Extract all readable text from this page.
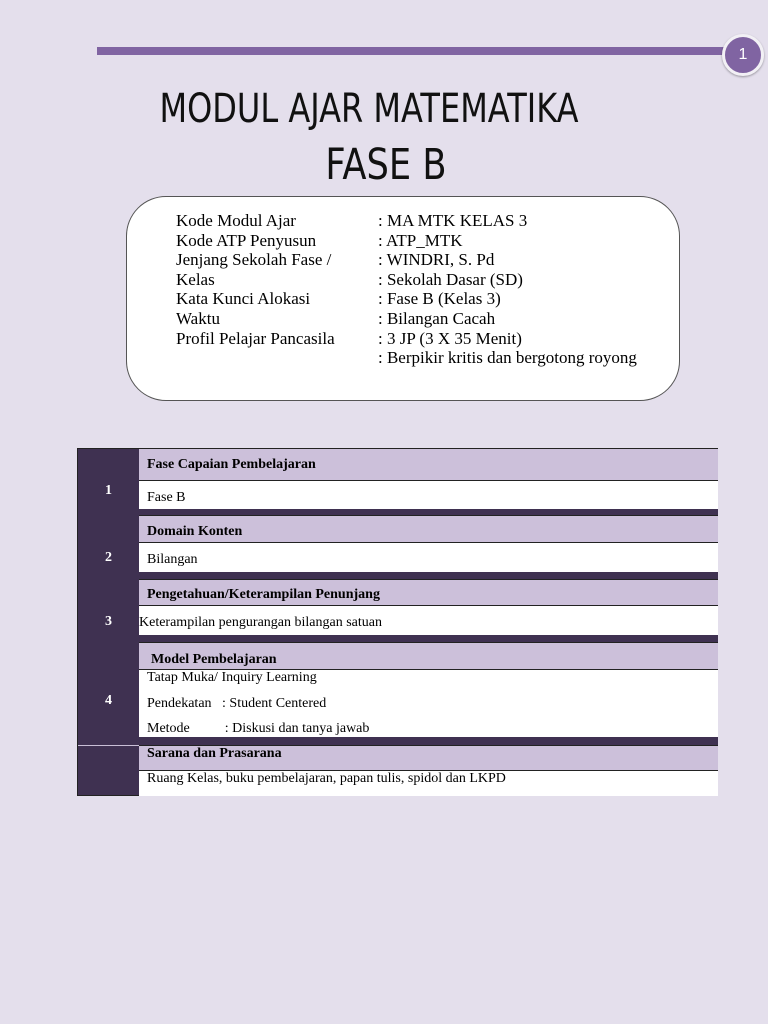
1
MODUL AJAR MATEMATIKA
FASE B
Kode Modul Ajar
Kode ATP Penyusun
Jenjang Sekolah Fase /
Kelas
Kata Kunci Alokasi
Waktu
Profil Pelajar Pancasila
: MA MTK KELAS 3
: ATP_MTK
: WINDRI, S. Pd
: Sekolah Dasar (SD)
: Fase B (Kelas 3)
: Bilangan Cacah
: 3 JP (3 X 35 Menit)
: Berpikir kritis dan bergotong royong
1
2
3
4
Fase Capaian Pembelajaran
Fase B
Domain Konten
Bilangan
Pengetahuan/Keterampilan Penunjang
Keterampilan pengurangan bilangan satuan
Model Pembelajaran
Tatap Muka/ Inquiry Learning
Pendekatan   : Student Centered
Metode          : Diskusi dan tanya jawab
Sarana dan Prasarana
Ruang Kelas, buku pembelajaran, papan tulis, spidol dan LKPD
